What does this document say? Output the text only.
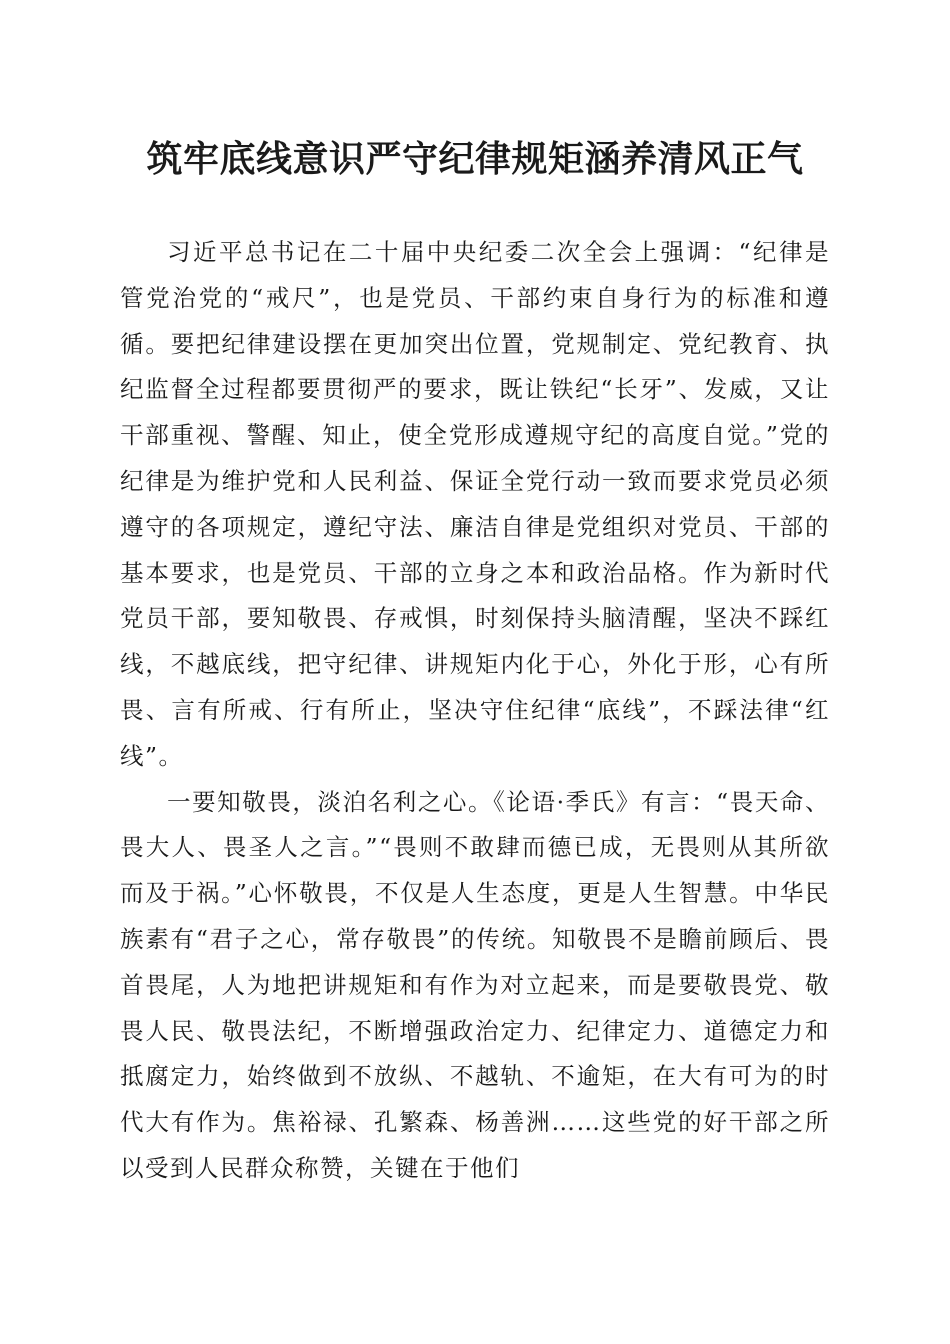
筑牢底线意识严守纪律规矩涵养清风正气

习近平总书记在二十届中央纪委二次全会上强调：“纪律是管党治党的“戒尺”，也是党员、干部约束自身行为的标准和遵循。要把纪律建设摆在更加突出位置，党规制定、党纪教育、执纪监督全过程都要贯彻严的要求，既让铁纪“长牙”、发威，又让干部重视、警醒、知止，使全党形成遵规守纪的高度自觉。”党的纪律是为维护党和人民利益、保证全党行动一致而要求党员必须遵守的各项规定，遵纪守法、廉洁自律是党组织对党员、干部的基本要求，也是党员、干部的立身之本和政治品格。作为新时代党员干部，要知敬畏、存戒惧，时刻保持头脑清醒，坚决不踩红线，不越底线，把守纪律、讲规矩内化于心，外化于形，心有所畏、言有所戒、行有所止，坚决守住纪律“底线”，不踩法律“红线”。

一要知敬畏，淡泊名利之心。《论语·季氏》有言：“畏天命、畏大人、畏圣人之言。”“畏则不敢肆而德已成，无畏则从其所欲而及于祸。”心怀敬畏，不仅是人生态度，更是人生智慧。中华民族素有“君子之心，常存敬畏”的传统。知敬畏不是瞻前顾后、畏首畏尾，人为地把讲规矩和有作为对立起来，而是要敬畏党、敬畏人民、敬畏法纪，不断增强政治定力、纪律定力、道德定力和抵腐定力，始终做到不放纵、不越轨、不逾矩，在大有可为的时代大有作为。焦裕禄、孔繁森、杨善洲……这些党的好干部之所以受到人民群众称赞，关键在于他们
